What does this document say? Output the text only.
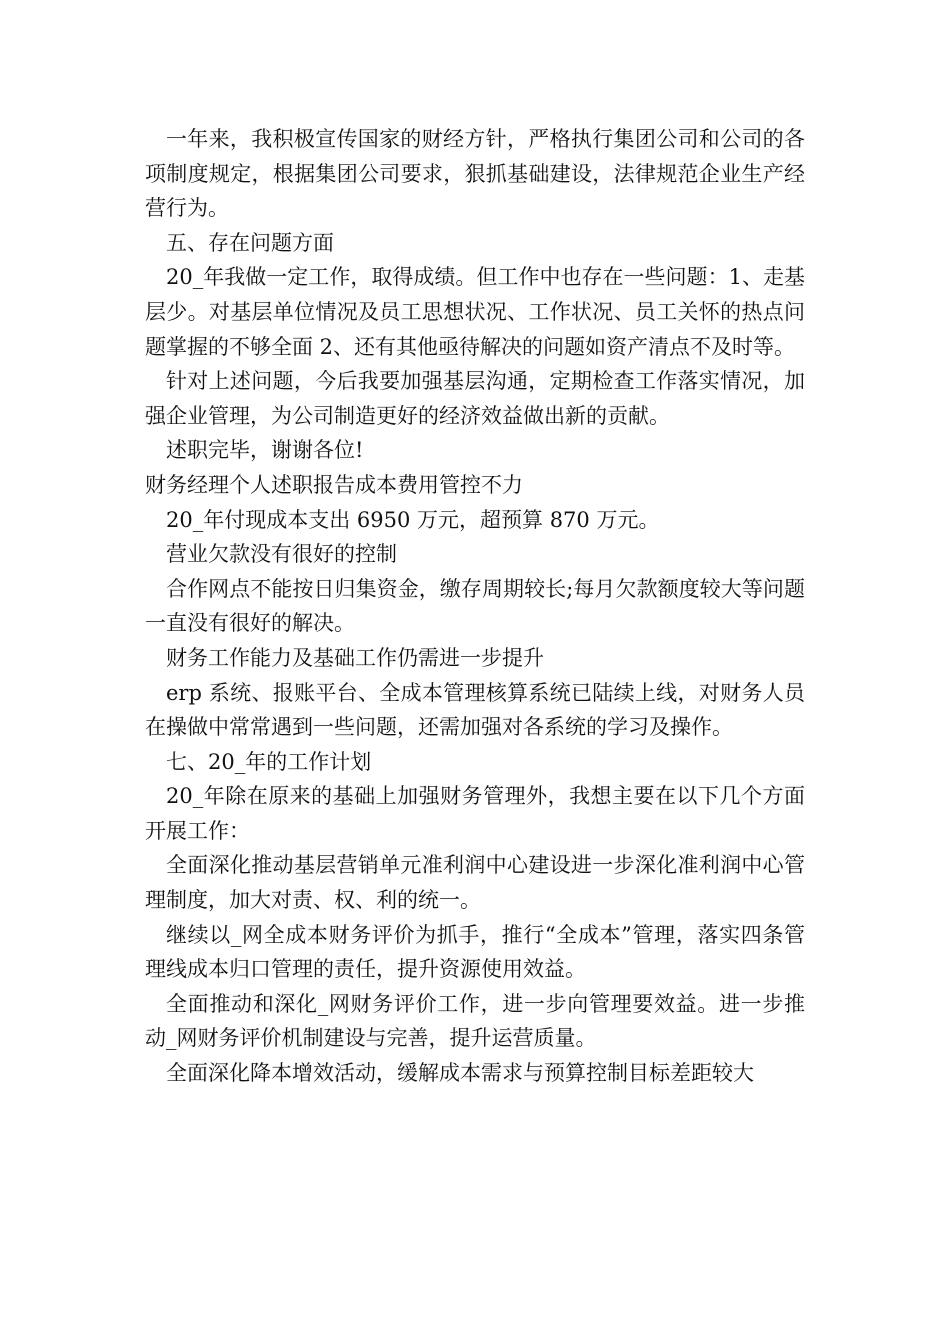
一年来，我积极宣传国家的财经方针，严格执行集团公司和公司的各项制度规定，根据集团公司要求，狠抓基础建设，法律规范企业生产经营行为。

五、存在问题方面

20_年我做一定工作，取得成绩。但工作中也存在一些问题：1、走基层少。对基层单位情况及员工思想状况、工作状况、员工关怀的热点问题掌握的不够全面 2、还有其他亟待解决的问题如资产清点不及时等。

针对上述问题，今后我要加强基层沟通，定期检查工作落实情况，加强企业管理，为公司制造更好的经济效益做出新的贡献。

述职完毕，谢谢各位!

财务经理个人述职报告成本费用管控不力

20_年付现成本支出 6950 万元，超预算 870 万元。

营业欠款没有很好的控制

合作网点不能按日归集资金，缴存周期较长;每月欠款额度较大等问题一直没有很好的解决。

财务工作能力及基础工作仍需进一步提升

erp 系统、报账平台、全成本管理核算系统已陆续上线，对财务人员在操做中常常遇到一些问题，还需加强对各系统的学习及操作。

七、20_年的工作计划

20_年除在原来的基础上加强财务管理外，我想主要在以下几个方面开展工作：

全面深化推动基层营销单元准利润中心建设进一步深化准利润中心管理制度，加大对责、权、利的统一。

继续以_网全成本财务评价为抓手，推行“全成本”管理，落实四条管理线成本归口管理的责任，提升资源使用效益。

全面推动和深化_网财务评价工作，进一步向管理要效益。进一步推动_网财务评价机制建设与完善，提升运营质量。

全面深化降本增效活动，缓解成本需求与预算控制目标差距较大
